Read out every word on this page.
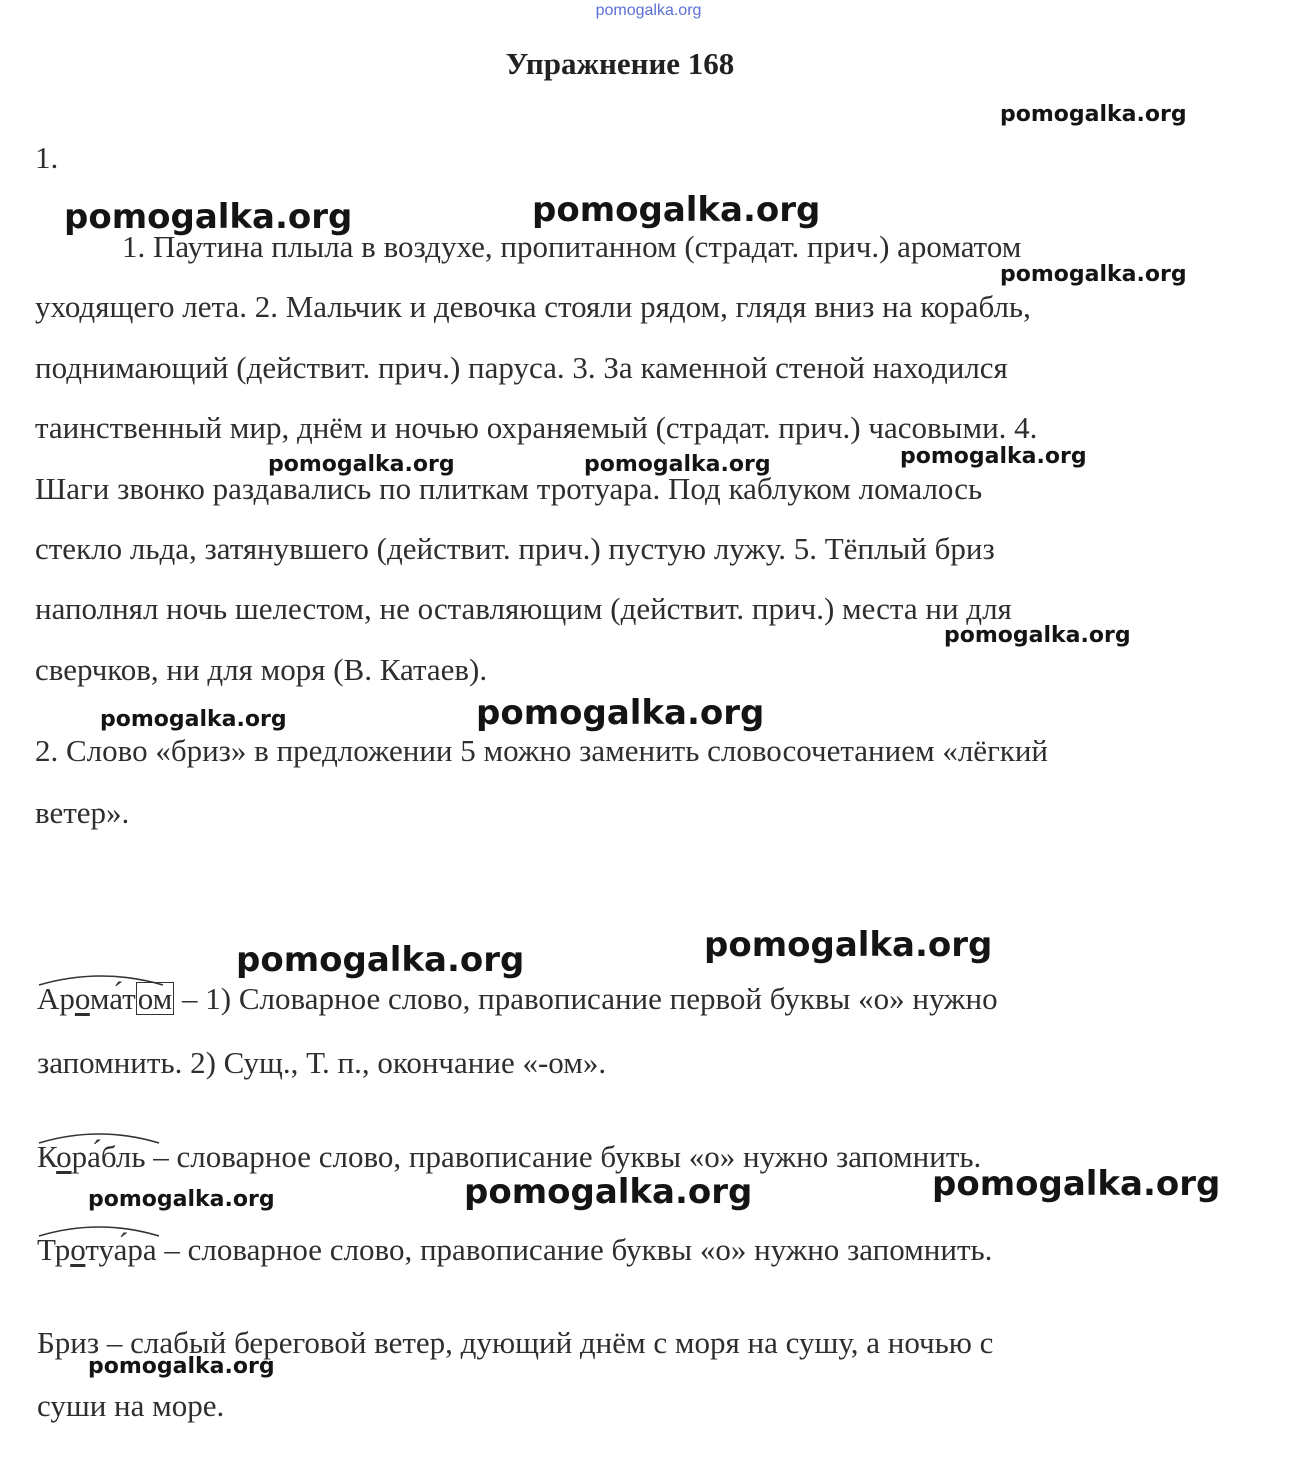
pomogalka.org
Упражнение 168
1.
1. Паутина плыла в воздухе, пропитанном (страдат. прич.) ароматом
уходящего лета. 2. Мальчик и девочка стояли рядом, глядя вниз на корабль,
поднимающий (действит. прич.) паруса. 3. За каменной стеной находился
таинственный мир, днём и ночью охраняемый (страдат. прич.) часовыми. 4.
Шаги звонко раздавались по плиткам тротуара. Под каблуком ломалось
стекло льда, затянувшего (действит. прич.) пустую лужу. 5. Тёплый бриз
наполнял ночь шелестом, не оставляющим (действит. прич.) места ни для
сверчков, ни для моря (В. Катаев).
2. Слово «бриз» в предложении 5 можно заменить словосочетанием «лёгкий
ветер».
Арома́том – 1) Словарное слово, правописание первой буквы «о» нужно
запомнить. 2) Сущ., Т. п., окончание «-ом».
Кора́бль – словарное слово, правописание буквы «о» нужно запомнить.
Тротуа́ра – словарное слово, правописание буквы «о» нужно запомнить.
Бриз – слабый береговой ветер, дующий днём с моря на сушу, а ночью с
суши на море.
pomogalka.org
pomogalka.org	pomogalka.org
pomogalka.org
pomogalka.org	pomogalka.org	pomogalka.org
pomogalka.org
pomogalka.org	pomogalka.org
pomogalka.org
pomogalka.org
pomogalka.org	pomogalka.org	pomogalka.org
pomogalka.org
